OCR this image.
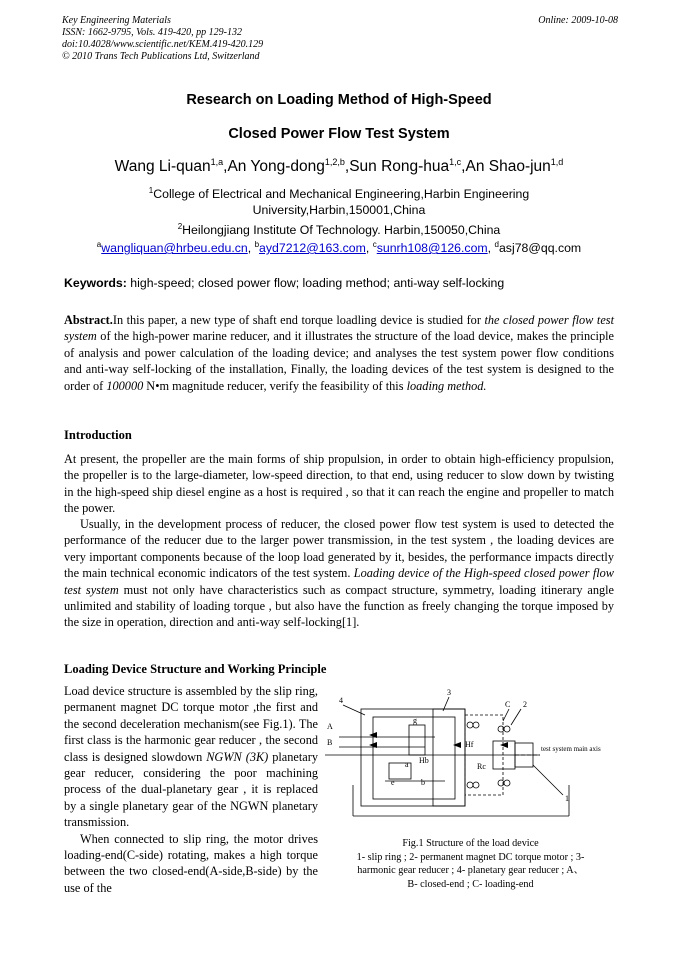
Key Engineering Materials
ISSN: 1662-9795, Vols. 419-420, pp 129-132
doi:10.4028/www.scientific.net/KEM.419-420.129
© 2010 Trans Tech Publications Ltd, Switzerland
Online: 2009-10-08
Research on Loading Method of High-Speed
Closed Power Flow Test System
Wang Li-quan$^{1,a}$,An Yong-dong$^{1,2,b}$,Sun Rong-hua$^{1,c}$,An Shao-jun$^{1,d}$
$^1$College of Electrical and Mechanical Engineering,Harbin Engineering
University,Harbin,150001,China
$^2$Heilongjiang Institute Of Technology. Harbin,150050,China
$^a$wangliquan@hrbeu.edu.cn, $^b$ayd7212@163.com, $^c$sunrh108@126.com, $^d$asj78@qq.com
Keywords: high-speed; closed power flow; loading method; anti-way self-locking

Abstract.In this paper, a new type of shaft end torque loadling device is studied for the closed power flow test system of the high-power marine reducer, and it illustrates the structure of the load device, makes the principle of analysis and power calculation of the loading device; and analyses the test system power flow conditions and anti-way self-locking of the installation, Finally, the loading devices of the test system is designed to the order of 100000 N•m magnitude reducer, verify the feasibility of this loading method.

Introduction

At present, the propeller are the main forms of ship propulsion, in order to obtain high-efficiency propulsion, the propeller is to the large-diameter, low-speed direction, to that end, using reducer to slow down by twisting in the high-speed ship diesel engine as a host is required , so that it can reach the engine and propeller to match the power.

Usually, in the development process of reducer, the closed power flow test system is used to detected the performance of the reducer due to the larger power transmission, in the test system , the loading devices are very important components because of the loop load generated by it, besides, the performance impacts directly the main technical economic indicators of the test system. Loading device of the High-speed closed power flow test system must not only have characteristics such as compact structure, symmetry, loading itinerary angle unlimited and stability of loading torque , but also have the function as freely changing the torque imposed by the size in operation, direction and anti-way self-locking[1].

Loading Device Structure and Working Principle

Load device structure is assembled by the slip ring, permanent magnet DC torque motor ,the first and the second deceleration mechanism(see Fig.1). The first class is the harmonic gear reducer , the second class is designed slowdown NGWN (3K) planetary gear reducer, considering the poor machining process of the dual-planetary gear , it is replaced by a single planetary gear of the NGWN planetary transmission.

When connected to slip ring, the motor drives loading-end(C-side) rotating, makes a high torque between the two closed-end(A-side,B-side) by the use of the

4
3
C 2
A
B
g
a Hb
e	b
Hf
Rc
1
test system main axis
Fig.1 Structure of the load device
1- slip ring ; 2- permanent magnet DC torque motor ; 3-
harmonic gear reducer ; 4- planetary gear reducer ; A、
B- closed-end ; C- loading-end
